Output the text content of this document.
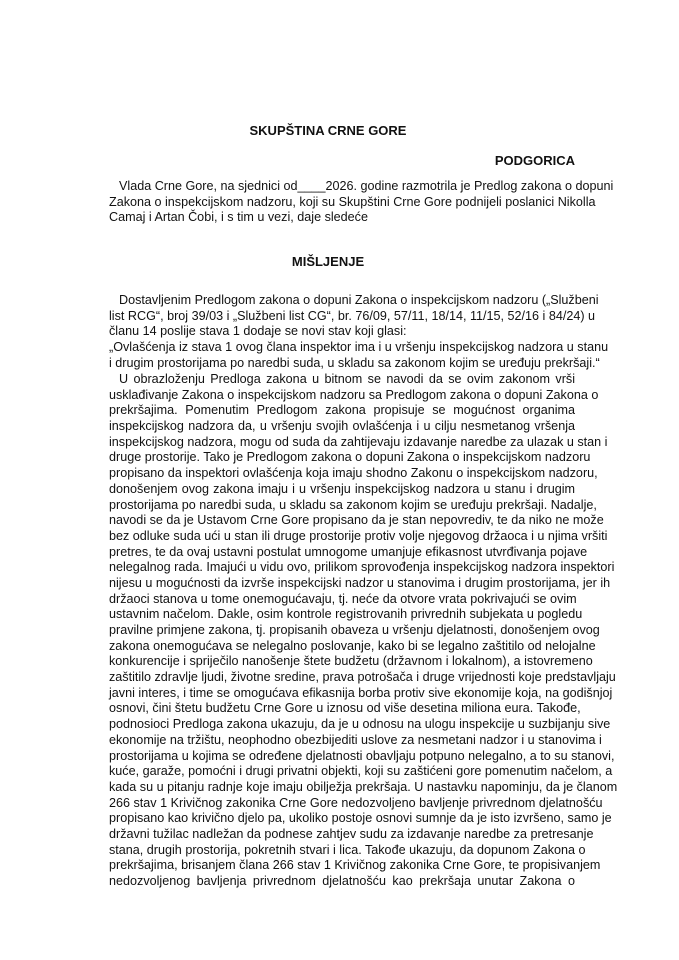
SKUPŠTINA CRNE GORE
PODGORICA
Vlada Crne Gore, na sjednici od____2026. godine razmotrila je Predlog zakona o dopuni
Zakona o inspekcijskom nadzoru, koji su Skupštini Crne Gore podnijeli poslanici Nikolla
Camaj i Artan Čobi, i s tim u vezi, daje sledeće
MIŠLJENJE
Dostavljenim Predlogom zakona o dopuni Zakona o inspekcijskom nadzoru („Službeni
list RCG“, broj 39/03 i „Službeni list CG“, br. 76/09, 57/11, 18/14, 11/15, 52/16 i 84/24) u
članu 14 poslije stava 1 dodaje se novi stav koji glasi:
„Ovlašćenja iz stava 1 ovog člana inspektor ima i u vršenju inspekcijskog nadzora u stanu
i drugim prostorijama po naredbi suda, u skladu sa zakonom kojim se uređuju prekršaji.“
U obrazloženju Predloga zakona u bitnom se navodi da se ovim zakonom vrši
usklađivanje Zakona o inspekcijskom nadzoru sa Predlogom zakona o dopuni Zakona o
prekršajima. Pomenutim Predlogom zakona propisuje se mogućnost organima
inspekcijskog nadzora da, u vršenju svojih ovlašćenja i u cilju nesmetanog vršenja
inspekcijskog nadzora, mogu od suda da zahtijevaju izdavanje naredbe za ulazak u stan i
druge prostorije. Tako je Predlogom zakona o dopuni Zakona o inspekcijskom nadzoru
propisano da inspektori ovlašćenja koja imaju shodno Zakonu o inspekcijskom nadzoru,
donošenjem ovog zakona imaju i u vršenju inspekcijskog nadzora u stanu i drugim
prostorijama po naredbi suda, u skladu sa zakonom kojim se uređuju prekršaji. Nadalje,
navodi se da je Ustavom Crne Gore propisano da je stan nepovrediv, te da niko ne može
bez odluke suda ući u stan ili druge prostorije protiv volje njegovog držaoca i u njima vršiti
pretres, te da ovaj ustavni postulat umnogome umanjuje efikasnost utvrđivanja pojave
nelegalnog rada. Imajući u vidu ovo, prilikom sprovođenja inspekcijskog nadzora inspektori
nijesu u mogućnosti da izvrše inspekcijski nadzor u stanovima i drugim prostorijama, jer ih
držaoci stanova u tome onemogućavaju, tj. neće da otvore vrata pokrivajući se ovim
ustavnim načelom. Dakle, osim kontrole registrovanih privrednih subjekata u pogledu
pravilne primjene zakona, tj. propisanih obaveza u vršenju djelatnosti, donošenjem ovog
zakona onemogućava se nelegalno poslovanje, kako bi se legalno zaštitilo od nelojalne
konkurencije i spriječilo nanošenje štete budžetu (državnom i lokalnom), a istovremeno
zaštitilo zdravlje ljudi, životne sredine, prava potrošača i druge vrijednosti koje predstavljaju
javni interes, i time se omogućava efikasnija borba protiv sive ekonomije koja, na godišnjoj
osnovi, čini štetu budžetu Crne Gore u iznosu od više desetina miliona eura. Takođe,
podnosioci Predloga zakona ukazuju, da je u odnosu na ulogu inspekcije u suzbijanju sive
ekonomije na tržištu, neophodno obezbijediti uslove za nesmetani nadzor i u stanovima i
prostorijama u kojima se određene djelatnosti obavljaju potpuno nelegalno, a to su stanovi,
kuće, garaže, pomoćni i drugi privatni objekti, koji su zaštićeni gore pomenutim načelom, a
kada su u pitanju radnje koje imaju obilježja prekršaja. U nastavku napominju, da je članom
266 stav 1 Krivičnog zakonika Crne Gore nedozvoljeno bavljenje privrednom djelatnošću
propisano kao krivično djelo pa, ukoliko postoje osnovi sumnje da je isto izvršeno, samo je
državni tužilac nadležan da podnese zahtjev sudu za izdavanje naredbe za pretresanje
stana, drugih prostorija, pokretnih stvari i lica. Takođe ukazuju, da dopunom Zakona o
prekršajima, brisanjem člana 266 stav 1 Krivičnog zakonika Crne Gore, te propisivanjem
nedozvoljenog bavljenja privrednom djelatnošću kao prekršaja unutar Zakona o
